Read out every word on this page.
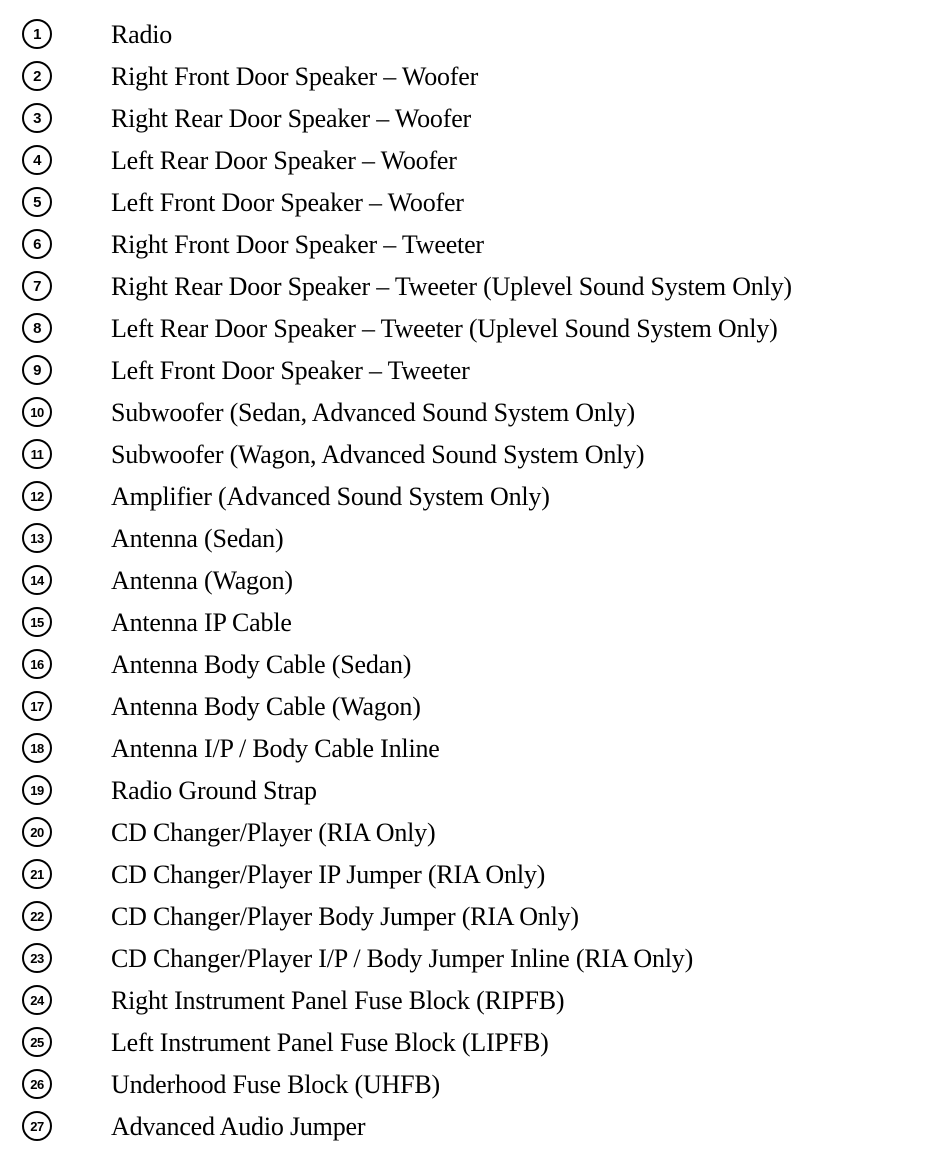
1	Radio
2	Right Front Door Speaker – Woofer
3	Right Rear Door Speaker – Woofer
4	Left Rear Door Speaker – Woofer
5	Left Front Door Speaker – Woofer
6	Right Front Door Speaker – Tweeter
7	Right Rear Door Speaker – Tweeter (Uplevel Sound System Only)
8	Left Rear Door Speaker – Tweeter (Uplevel Sound System Only)
9	Left Front Door Speaker – Tweeter
10	Subwoofer (Sedan, Advanced Sound System Only)
11	Subwoofer (Wagon, Advanced Sound System Only)
12	Amplifier (Advanced Sound System Only)
13	Antenna (Sedan)
14	Antenna (Wagon)
15	Antenna IP Cable
16	Antenna Body Cable (Sedan)
17	Antenna Body Cable (Wagon)
18	Antenna I/P / Body Cable Inline
19	Radio Ground Strap
20	CD Changer/Player (RIA Only)
21	CD Changer/Player IP Jumper (RIA Only)
22	CD Changer/Player Body Jumper (RIA Only)
23	CD Changer/Player I/P / Body Jumper Inline (RIA Only)
24	Right Instrument Panel Fuse Block (RIPFB)
25	Left Instrument Panel Fuse Block (LIPFB)
26	Underhood Fuse Block (UHFB)
27	Advanced Audio Jumper
